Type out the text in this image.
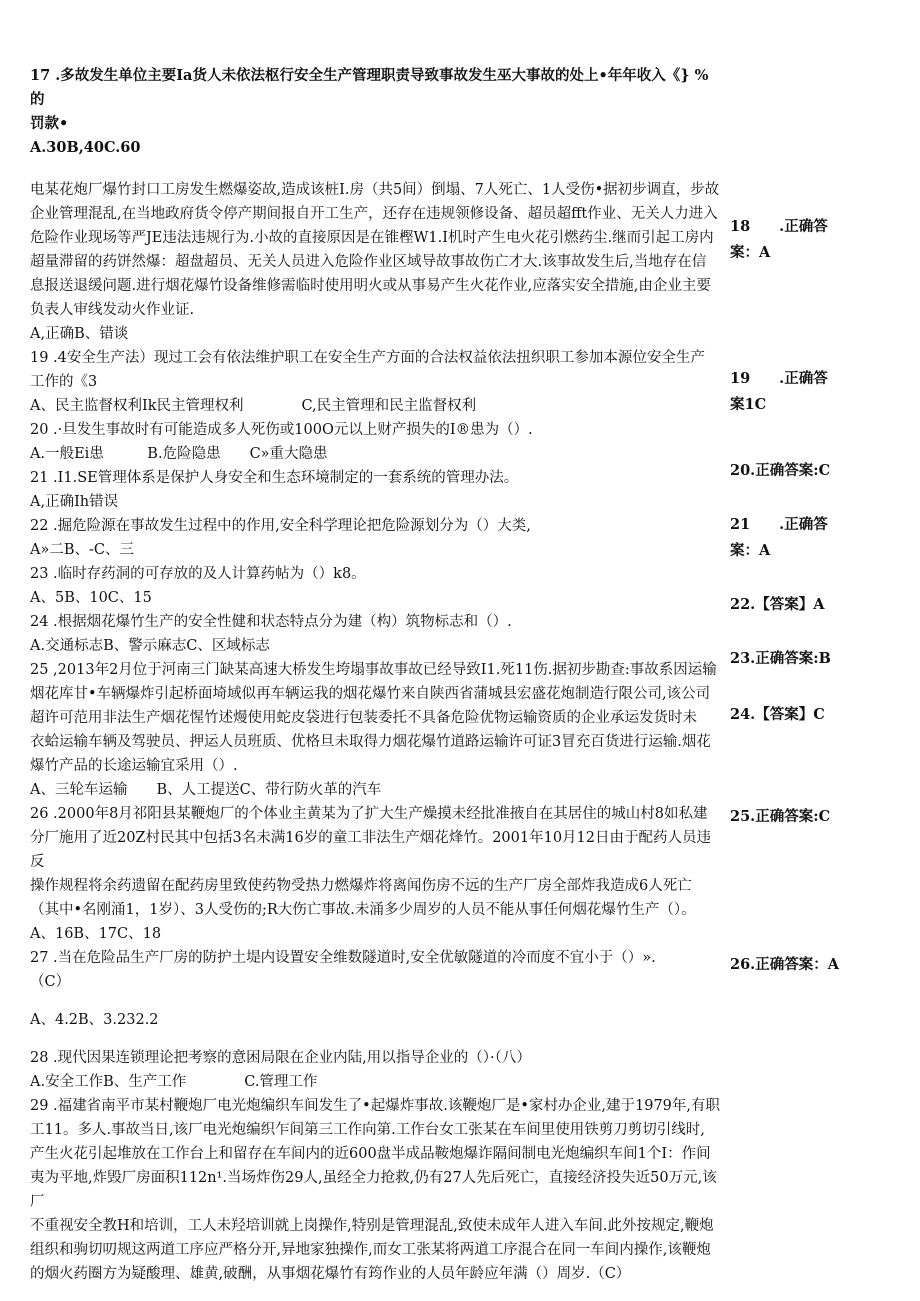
17 .多故发生单位主要Ia货人未依法枢行安全生产管理职责导致事故发生巫大事故的处上•年年收入《} %的

罚款•

A.30B,40C.60

电某花炮厂爆竹封口工房发生燃爆姿故,造成该桩I.房（共5间）倒塌、7人死亡、1人受伤•据初步调直，步故

企业管理混乱,在当地政府货令停产期间报自开工生产，还存在违规领修设备、超员超fft作业、无关人力进入

危险作业现场等严JE违法违规行为.小故的直接原因是在锥樫W1.I机时产生电火花引燃药尘.继而引起工房内

超量滞留的药饼然爆：超盘超员、无关人员进入危险作业区域导故事故伤亡才大.该事故发生后,当地存在信

息报送退缓问题.进行烟花爆竹设备维修需临时使用明火或从事易产生火花作业,应落实安全措施,由企业主要

负表人审线发动火作业证.

A,正确B、错谈

19 .4安全生产法）现过工会有依法维护职工在安全生产方面的合法权益依法扭织职工参加本源位安全生产

工作的《3

A、民主监督权利Ik民主管理权利　　　　C,民主管理和民主监督权利

20 .·旦发生事故时有可能造成多人死伤或100O元以上财产损失的I®患为（）.

A.一般Ei患　　　B.危险隐患　　C»重大隐患

21 .I1.SE管理体系是保护人身安全和生态环境制定的一套系统的管理办法。

A,正确Ih错误

22 .掘危险源在事故发生过程中的作用,安全科学理论把危险源划分为（）大类,

A»二B、-C、三

23 .临时存药洞的可存放的及人计算药帖为（）k8。

A、5B、10C、15

24 .根据烟花爆竹生产的安全性健和状态特点分为建（构）筑物标志和（）.

A.交通标志B、警示麻志C、区域标志

25 ,2013年2月位于河南三门缺某高速大桥发生垮塌事故事故已经导致I1.死11伤.据初步勘查:事故系因运输

烟花库甘•车辆爆炸引起桥面埼域似再车辆运我的烟花爆竹来自陕西省蒲城县宏盛花炮制造行限公司,该公司

超许可范用非法生产烟花惺竹述熳使用蛇皮袋进行包装委托不具备危险优物运输资质的企业承运发货时未

衣蛤运输车辆及驾驶员、押运人员班质、优格旦未取得力烟花爆竹道路运输许可证3冒充百货进行运输.烟花

爆竹产品的长途运输宜采用（）.

A、三轮车运输　　B、人工提送C、带行防火革的汽车

26 .2000年8月祁阳县某鞭炮厂的个体业主黄某为了扩大生产燥摸未经批准掖自在其居住的城山村8如私建

分厂施用了近20Z村民其中包括3名未满16岁的童工非法生产烟花烽竹。2001年10月12日由于配药人员违反

操作规程将余药遗留在配药房里致使药物受热力燃爆炸将离闻伤房不远的生产厂房全部炸我造成6人死亡

（其中•名刚涌1，1岁）、3人受伤的;R大伤亡事故.未涌多少周岁的人员不能从事任何烟花爆竹生产（）。

A、16B、17C、18

27 .当在危险品生产厂房的防护土堤内设置安全维数隧道时,安全优敏隧道的冷而度不宜小于（）».

（C）

A、4.2B、3.232.2

28 .现代因果连锁理论把考察的意困局限在企业内陆,用以指导企业的（）·（八）

A.安全工作B、生产工作　　　　C.管理工作

29 .福建省南平市某村鞭炮厂电光炮编织车间发生了•起爆炸事故.该鞭炮厂是•家村办企业,建于1979年,有职

工11。多人.事故当日,该厂电光炮编织乍间第三工作向第.工作台女工张某在车间里使用铁剪刀剪切引线时,

产生火花引起堆放在工作台上和留存在车间内的近600盘半成品鞍炮爆诈隔间制电光炮编织车间1个I：作间

夷为平地,炸毁厂房面积112n¹.当场炸伤29人,虽经全力抢救,仍有27人先后死亡，直接经济投失近50万元,该厂

不重视安全教H和培训，工人未羟培训就上岗操作,特别是管理混乱,致使未成年人进入车间.此外按规定,鞭炮

组织和驹切叨规这两道工序应严格分开,异地家独操作,而女工张某将两道工序混合在同一车间内操作,该鞭炮

的烟火药圈方为疑酸理、雄黄,破酬，从事烟花爆竹有筠作业的人员年龄应年满（）周岁.（C）

18　　.正确答
案：A
19　　.正确答
案1C
20.正确答案:C
21　　.正确答
案：A
22.【答案】A
23.正确答案:B
24.【答案】C
25.正确答案:C
26.正确答案：A
